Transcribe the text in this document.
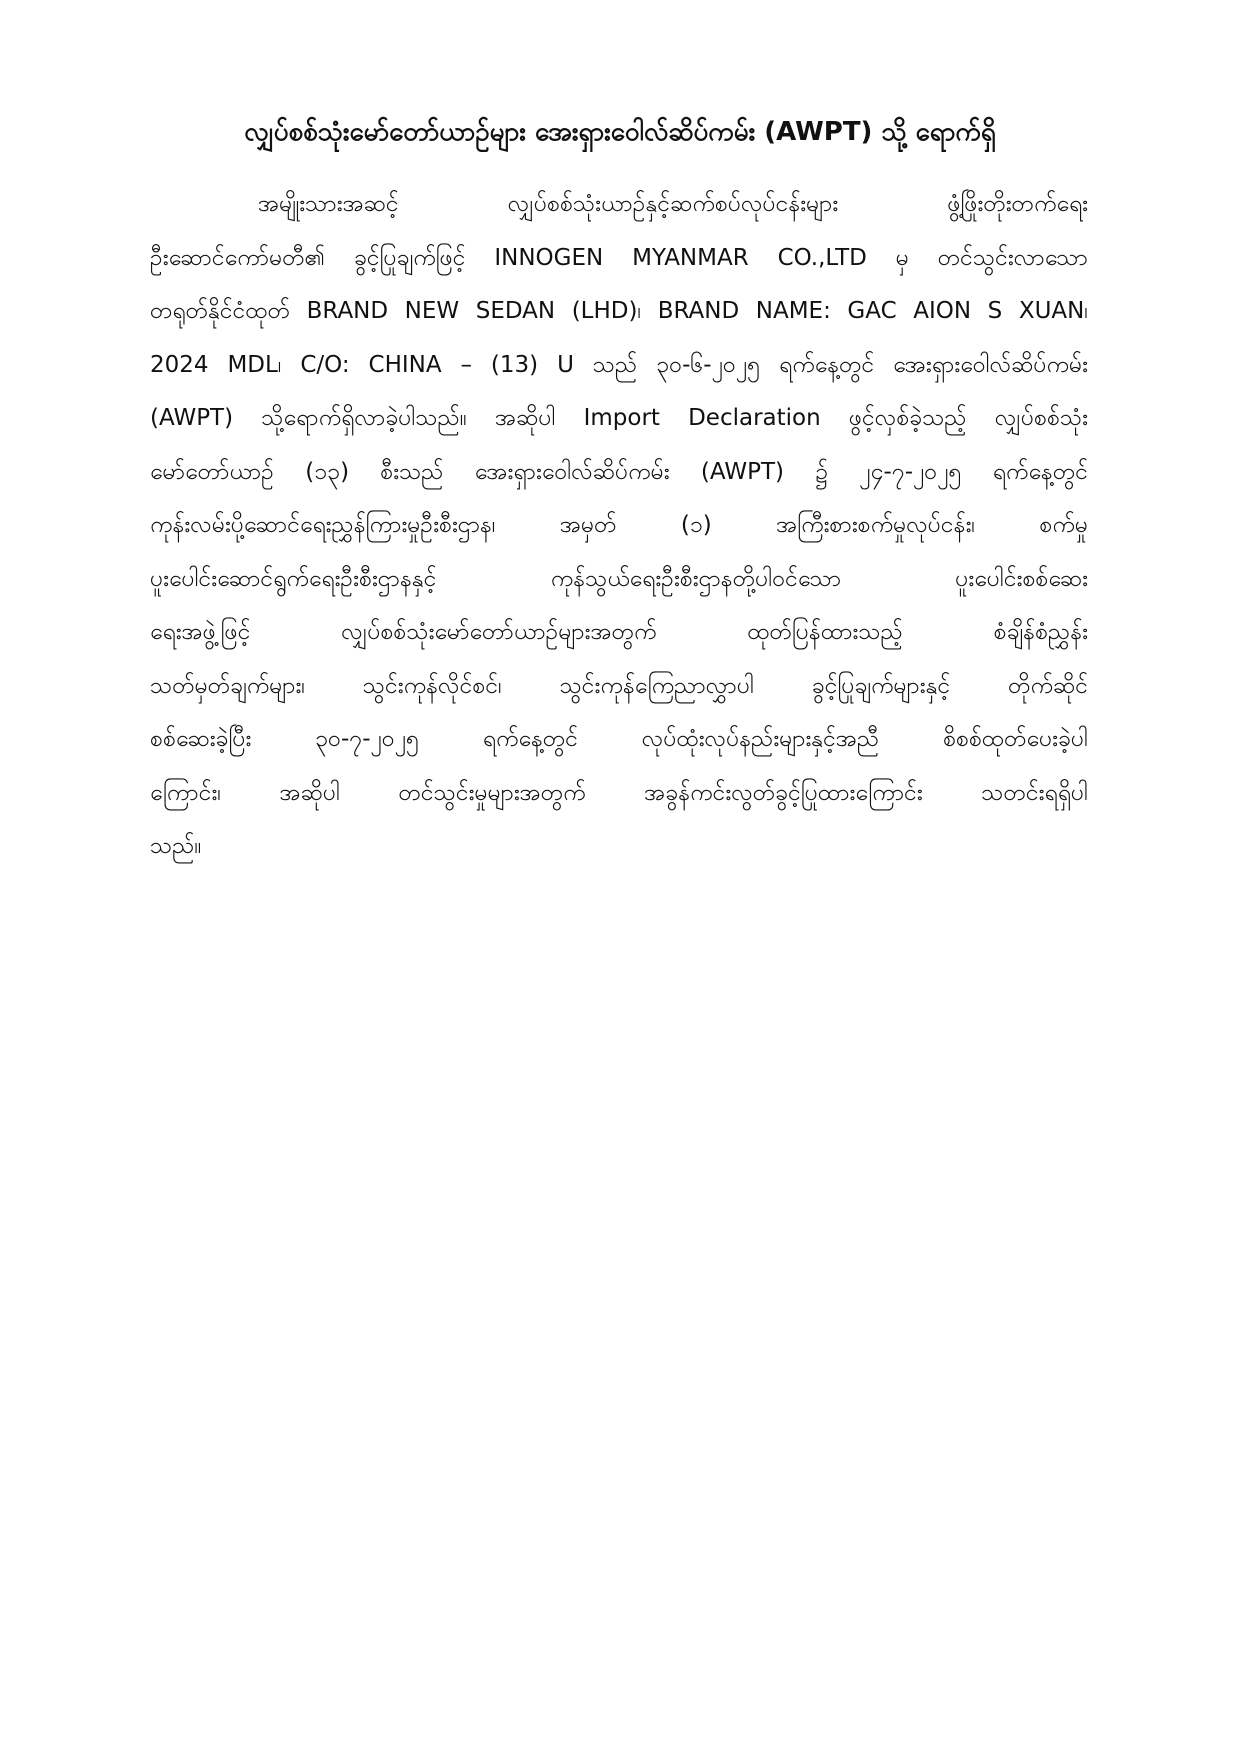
လျှပ်စစ်သုံးမော်တော်ယာဉ်များ အေးရှားဝေါလ်ဆိပ်ကမ်း (AWPT) သို့ ရောက်ရှိ
အမျိုးသားအဆင့် လျှပ်စစ်သုံးယာဉ်နှင့်ဆက်စပ်လုပ်ငန်းများ ဖွံ့ဖြိုးတိုးတက်ရေး
ဦးဆောင်ကော်မတီ၏ ခွင့်ပြုချက်ဖြင့် INNOGEN MYANMAR CO.,LTD မှ တင်သွင်းလာသော
တရုတ်နိုင်ငံထုတ် BRAND NEW SEDAN (LHD)၊ BRAND NAME: GAC AION S XUAN၊
2024 MDL၊ C/O: CHINA – (13) U သည် ၃၀-၆-၂၀၂၅ ရက်နေ့တွင် အေးရှားဝေါလ်ဆိပ်ကမ်း
(AWPT) သို့ရောက်ရှိလာခဲ့ပါသည်။ အဆိုပါ Import Declaration ဖွင့်လှစ်ခဲ့သည့် လျှပ်စစ်သုံး
မော်တော်ယာဉ် (၁၃) စီးသည် အေးရှားဝေါလ်ဆိပ်ကမ်း (AWPT) ၌ ၂၄-၇-၂၀၂၅ ရက်နေ့တွင်
ကုန်းလမ်းပို့ဆောင်ရေးညွှန်ကြားမှုဦးစီးဌာန၊ အမှတ် (၁) အကြီးစားစက်မှုလုပ်ငန်း၊ စက်မှု
ပူးပေါင်းဆောင်ရွက်ရေးဦးစီးဌာနနှင့် ကုန်သွယ်ရေးဦးစီးဌာနတို့ပါဝင်သော ပူးပေါင်းစစ်ဆေး
ရေးအဖွဲ့ဖြင့် လျှပ်စစ်သုံးမော်တော်ယာဉ်များအတွက် ထုတ်ပြန်ထားသည့် စံချိန်စံညွှန်း
သတ်မှတ်ချက်များ၊ သွင်းကုန်လိုင်စင်၊ သွင်းကုန်ကြေညာလွှာပါ ခွင့်ပြုချက်များနှင့် တိုက်ဆိုင်
စစ်ဆေးခဲ့ပြီး ၃၀-၇-၂၀၂၅ ရက်နေ့တွင် လုပ်ထုံးလုပ်နည်းများနှင့်အညီ စိစစ်ထုတ်ပေးခဲ့ပါ
ကြောင်း၊ အဆိုပါ တင်သွင်းမှုများအတွက် အခွန်ကင်းလွတ်ခွင့်ပြုထားကြောင်း သတင်းရရှိပါ
သည်။
